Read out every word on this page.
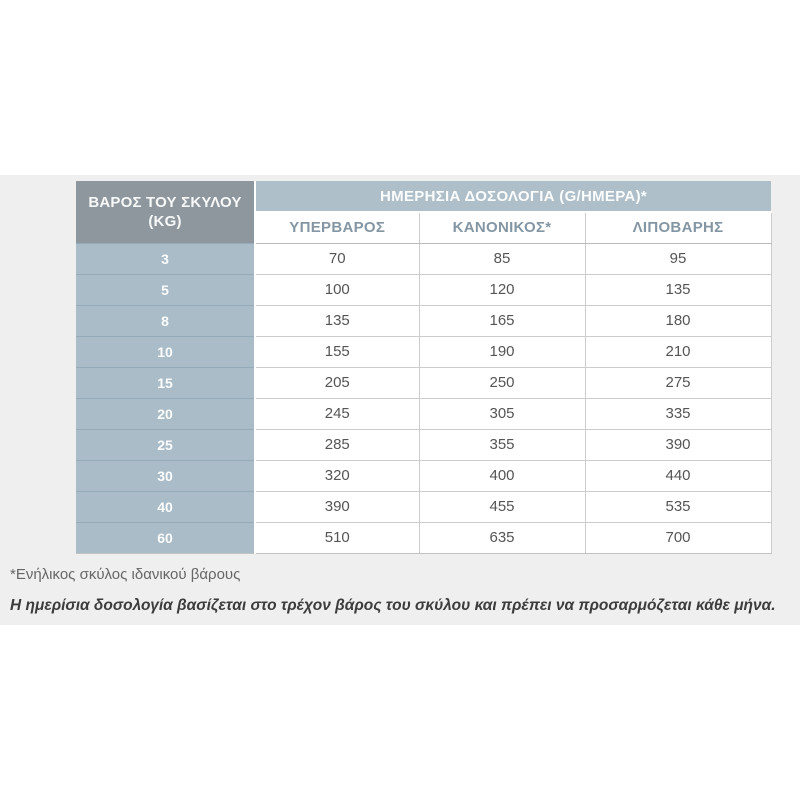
ΒΑΡΟΣ ΤΟΥ ΣΚΥΛΟΥ
(KG)	ΗΜΕΡΗΣΙΑ ΔΟΣΟΛΟΓΙΑ (G/ΗΜΕΡΑ)*		
	ΥΠΕΡΒΑΡΟΣ	ΚΑΝΟΝΙΚΟΣ*	ΛΙΠΟΒΑΡΗΣ
3	70	85	95
5	100	120	135
8	135	165	180
10	155	190	210
15	205	250	275
20	245	305	335
25	285	355	390
30	320	400	440
40	390	455	535
60	510	635	700
*Ενήλικος σκύλος ιδανικού βάρους
Η ημερίσια δοσολογία βασίζεται στο τρέχον βάρος του σκύλου και πρέπει να προσαρμόζεται κάθε μήνα.
